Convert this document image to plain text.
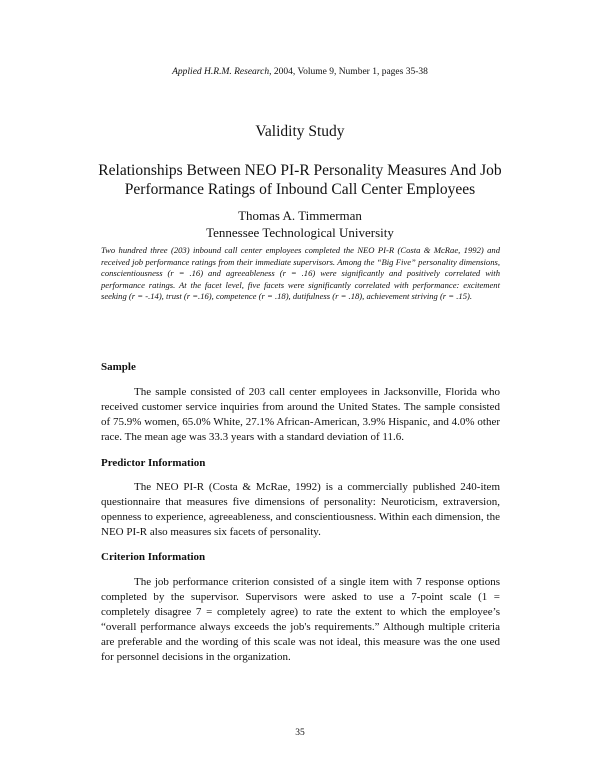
Applied H.R.M. Research, 2004, Volume 9, Number 1, pages 35-38
Validity Study
Relationships Between NEO PI-R Personality Measures And Job Performance Ratings of Inbound Call Center Employees
Thomas A. Timmerman
Tennessee Technological University
Two hundred three (203) inbound call center employees completed the NEO PI-R (Costa & McRae, 1992) and received job performance ratings from their immediate supervisors. Among the “Big Five” personality dimensions, conscientiousness (r = .16) and agreeableness (r = .16) were significantly and positively correlated with performance ratings. At the facet level, five facets were significantly correlated with performance: excitement seeking (r = -.14), trust (r =.16), competence (r = .18), dutifulness (r = .18), achievement striving (r = .15).
Sample
The sample consisted of 203 call center employees in Jacksonville, Florida who received customer service inquiries from around the United States. The sample consisted of 75.9% women, 65.0% White, 27.1% African-American, 3.9% Hispanic, and 4.0% other race. The mean age was 33.3 years with a standard deviation of 11.6.
Predictor Information
The NEO PI-R (Costa & McRae, 1992) is a commercially published 240-item questionnaire that measures five dimensions of personality: Neuroticism, extraversion, openness to experience, agreeableness, and conscientiousness. Within each dimension, the NEO PI-R also measures six facets of personality.
Criterion Information
The job performance criterion consisted of a single item with 7 response options completed by the supervisor. Supervisors were asked to use a 7-point scale (1 = completely disagree 7 = completely agree) to rate the extent to which the employee’s “overall performance always exceeds the job's requirements.” Although multiple criteria are preferable and the wording of this scale was not ideal, this measure was the one used for personnel decisions in the organization.
35
